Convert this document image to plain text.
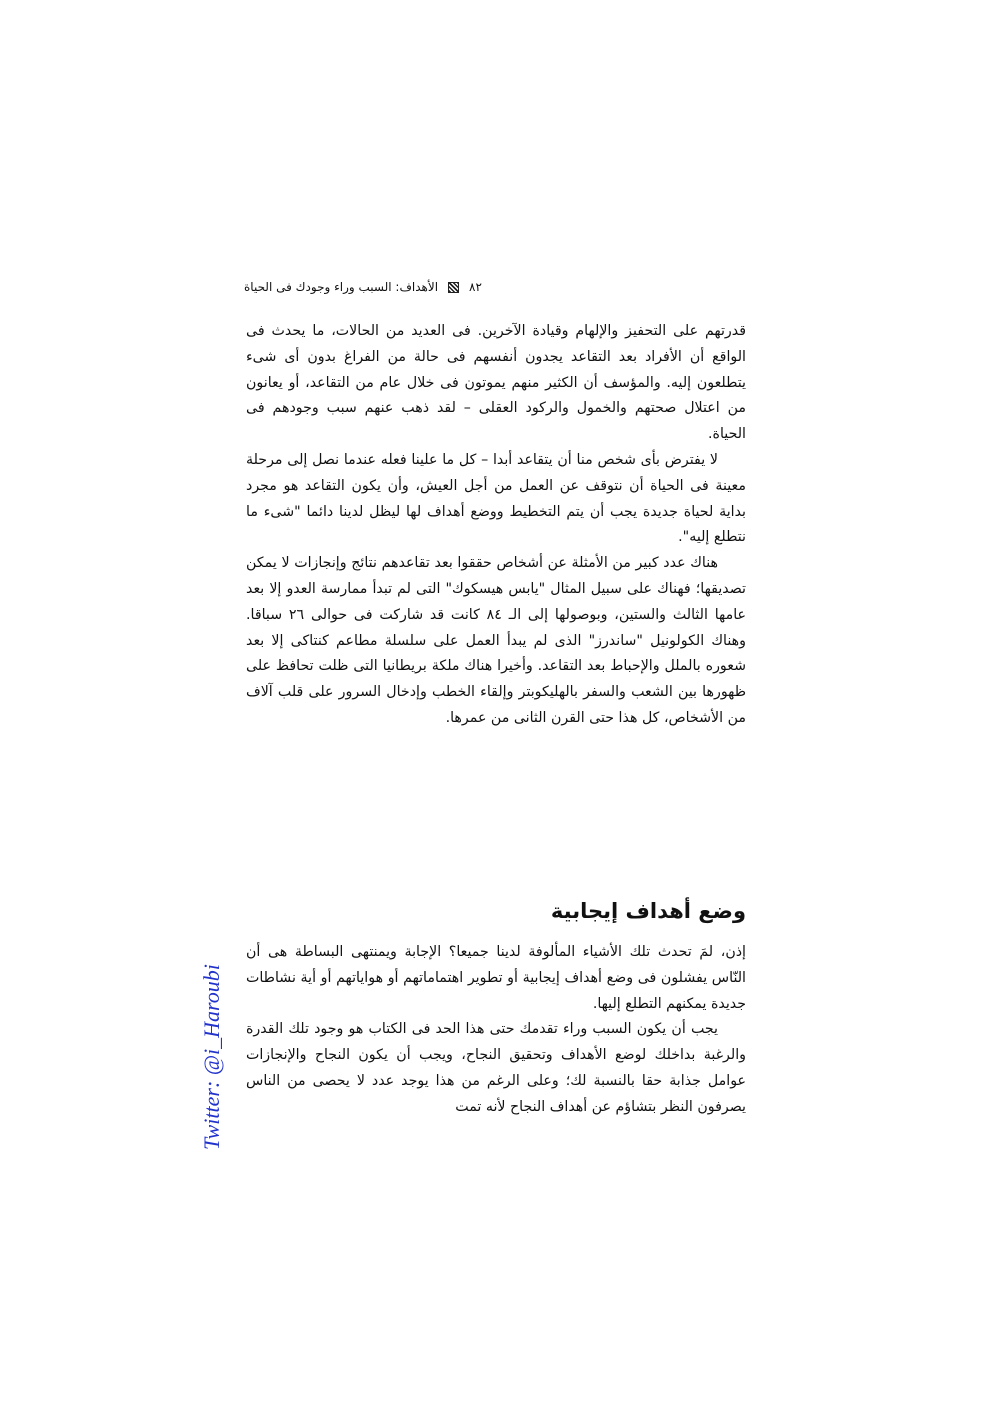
الأهداف: السبب وراء وجودك فى الحياة	٨٢

قدرتهم على التحفيز والإلهام وقيادة الآخرين. فى العديد من الحالات، ما يحدث فى الواقع أن الأفراد بعد التقاعد يجدون أنفسهم فى حالة من الفراغ بدون أى شىء يتطلعون إليه. والمؤسف أن الكثير منهم يموتون فى خلال عام من التقاعد، أو يعانون من اعتلال صحتهم والخمول والركود العقلى – لقد ذهب عنهم سبب وجودهم فى الحياة.

لا يفترض بأى شخص منا أن يتقاعد أبدا – كل ما علينا فعله عندما نصل إلى مرحلة معينة فى الحياة أن نتوقف عن العمل من أجل العيش، وأن يكون التقاعد هو مجرد بداية لحياة جديدة يجب أن يتم التخطيط ووضع أهداف لها ليظل لدينا دائما "شىء ما نتطلع إليه".

هناك عدد كبير من الأمثلة عن أشخاص حققوا بعد تقاعدهم نتائج وإنجازات لا يمكن تصديقها؛ فهناك على سبيل المثال "يابس هيسكوك" التى لم تبدأ ممارسة العدو إلا بعد عامها الثالث والستين، وبوصولها إلى الـ ٨٤ كانت قد شاركت فى حوالى ٢٦ سباقا. وهناك الكولونيل "ساندرز" الذى لم يبدأ العمل على سلسلة مطاعم كنتاكى إلا بعد شعوره بالملل والإحباط بعد التقاعد. وأخيرا هناك ملكة بريطانيا التى ظلت تحافظ على ظهورها بين الشعب والسفر بالهليكوبتر وإلقاء الخطب وإدخال السرور على قلب آلاف من الأشخاص، كل هذا حتى القرن الثانى من عمرها.

وضع أهداف إيجابية

إذن، لمَ تحدث تلك الأشياء المألوفة لدينا جميعا؟ الإجابة ويمنتهى البساطة هى أن النّاس يفشلون فى وضع أهداف إيجابية أو تطوير اهتماماتهم أو هواياتهم أو أية نشاطات جديدة يمكنهم التطلع إليها.

يجب أن يكون السبب وراء تقدمك حتى هذا الحد فى الكتاب هو وجود تلك القدرة والرغبة بداخلك لوضع الأهداف وتحقيق النجاح، ويجب أن يكون النجاح والإنجازات عوامل جذابة حقا بالنسبة لك؛ وعلى الرغم من هذا يوجد عدد لا يحصى من الناس يصرفون النظر بتشاؤم عن أهداف النجاح لأنه تمت

Twitter: @i_Haroubi
